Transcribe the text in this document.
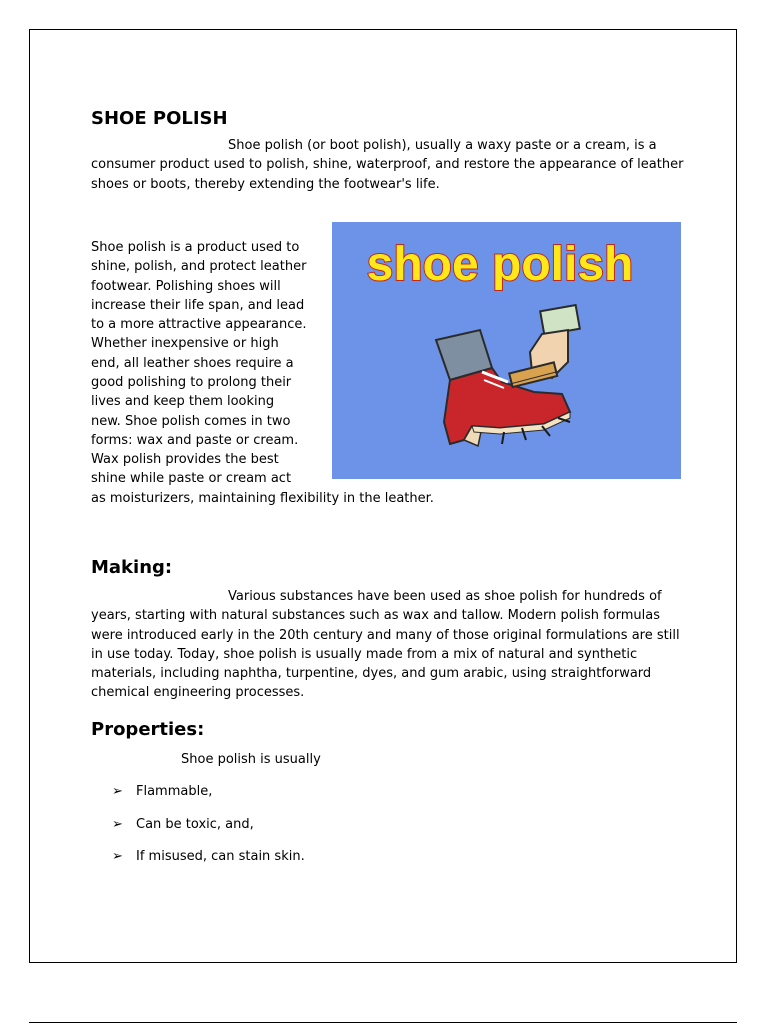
SHOE POLISH

Shoe polish (or boot polish), usually a waxy paste or a cream, is a consumer product used to polish, shine, waterproof, and restore the appearance of leather shoes or boots, thereby extending the footwear's life.

Shoe polish is a product used to

shine, polish, and protect leather

footwear. Polishing shoes will

increase their life span, and lead

to a more attractive appearance.

Whether inexpensive or high

end, all leather shoes require a

good polishing to prolong their

lives and keep them looking

new. Shoe polish comes in two

forms: wax and paste or cream.

Wax polish provides the best

shine while paste or cream act

as moisturizers, maintaining flexibility in the leather.

shoe polish
Making:

Various substances have been used as shoe polish for hundreds of years, starting with natural substances such as wax and tallow. Modern polish formulas were introduced early in the 20th century and many of those original formulations are still in use today. Today, shoe polish is usually made from a mix of natural and synthetic materials, including naphtha, turpentine, dyes, and gum arabic, using straightforward chemical engineering processes.

Properties:

Shoe polish is usually

➢ Flammable,
➢ Can be toxic, and,
➢ If misused, can stain skin.
